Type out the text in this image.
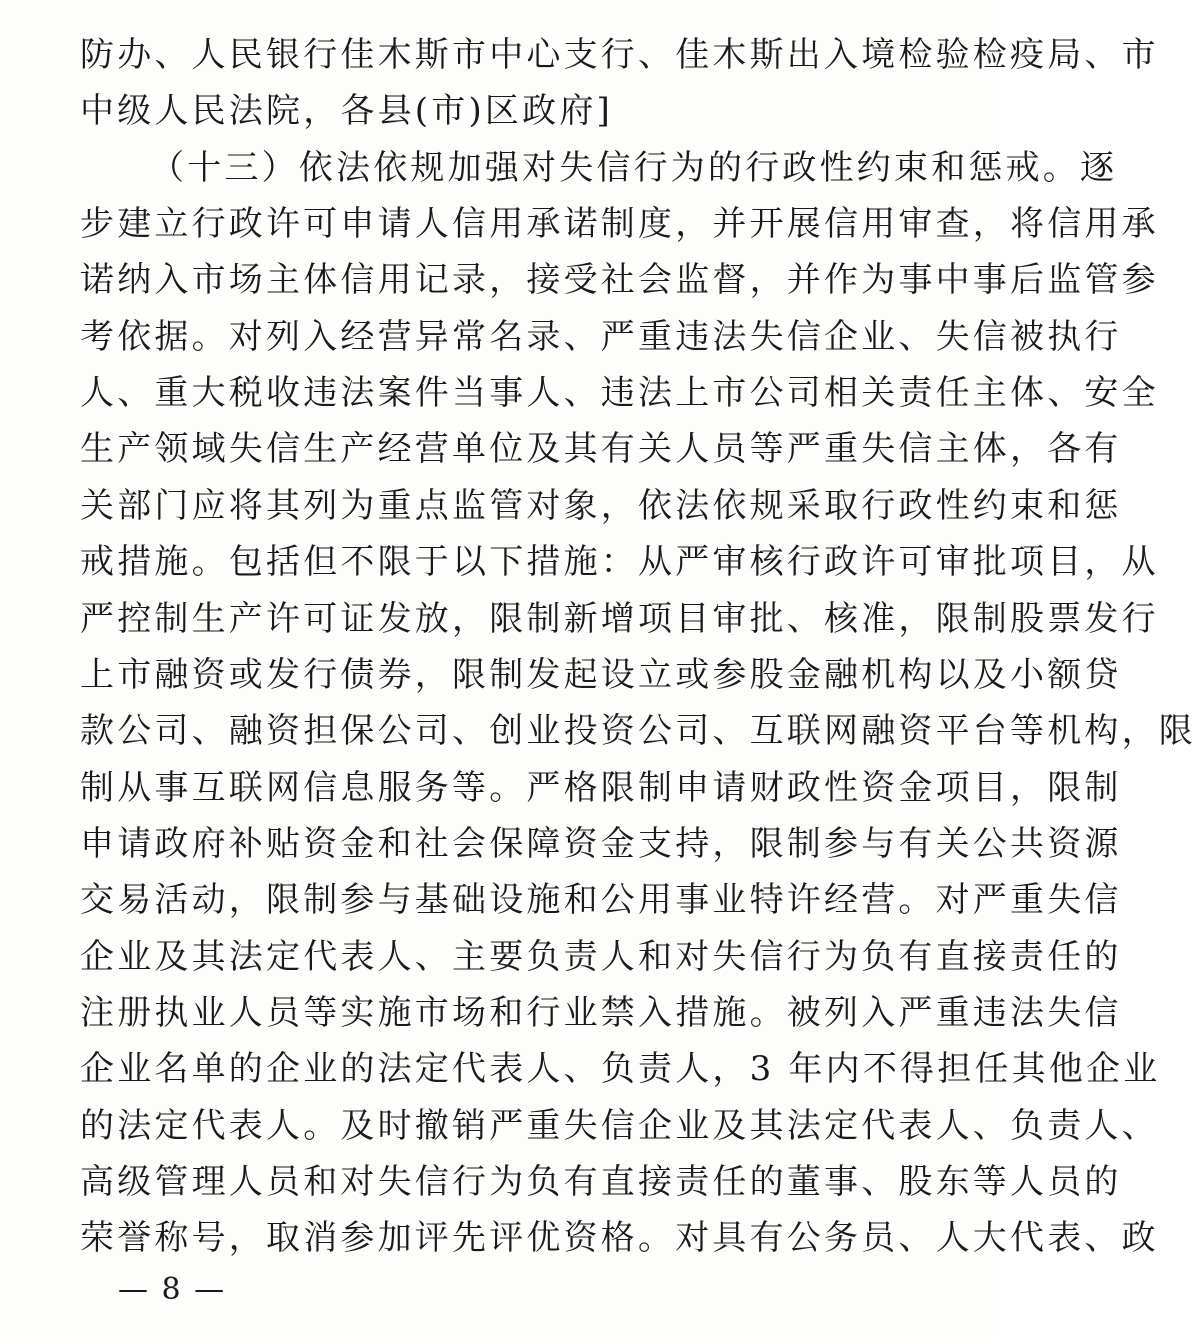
防办、人民银行佳木斯市中心支行、佳木斯出入境检验检疫局、市
中级人民法院，各县(市)区政府]
（十三）依法依规加强对失信行为的行政性约束和惩戒。逐
步建立行政许可申请人信用承诺制度，并开展信用审查，将信用承
诺纳入市场主体信用记录，接受社会监督，并作为事中事后监管参
考依据。对列入经营异常名录、严重违法失信企业、失信被执行
人、重大税收违法案件当事人、违法上市公司相关责任主体、安全
生产领域失信生产经营单位及其有关人员等严重失信主体，各有
关部门应将其列为重点监管对象，依法依规采取行政性约束和惩
戒措施。包括但不限于以下措施：从严审核行政许可审批项目，从
严控制生产许可证发放，限制新增项目审批、核准，限制股票发行
上市融资或发行债券，限制发起设立或参股金融机构以及小额贷
款公司、融资担保公司、创业投资公司、互联网融资平台等机构，限
制从事互联网信息服务等。严格限制申请财政性资金项目，限制
申请政府补贴资金和社会保障资金支持，限制参与有关公共资源
交易活动，限制参与基础设施和公用事业特许经营。对严重失信
企业及其法定代表人、主要负责人和对失信行为负有直接责任的
注册执业人员等实施市场和行业禁入措施。被列入严重违法失信
企业名单的企业的法定代表人、负责人，3 年内不得担任其他企业
的法定代表人。及时撤销严重失信企业及其法定代表人、负责人、
高级管理人员和对失信行为负有直接责任的董事、股东等人员的
荣誉称号，取消参加评先评优资格。对具有公务员、人大代表、政
— 8 —
